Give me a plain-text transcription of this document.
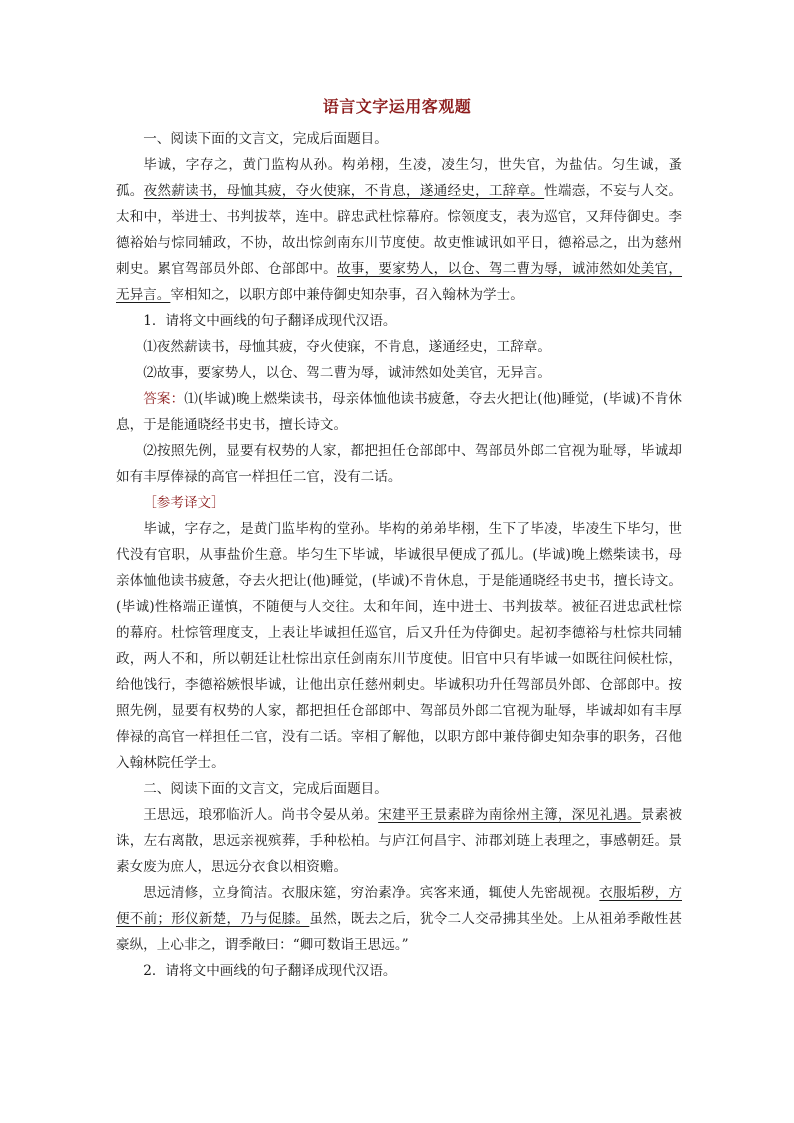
语言文字运用客观题

一、阅读下面的文言文，完成后面题目。

毕诚，字存之，黄门监构从孙。构弟栩，生凌，凌生匀，世失官，为盐估。匀生诚，蚤孤。夜然薪读书，母恤其疲，夺火使寐，不肯息，遂通经史，工辞章。性端悫，不妄与人交。太和中，举进士、书判拔萃，连中。辟忠武杜悰幕府。悰领度支，表为巡官，又拜侍御史。李德裕始与悰同辅政，不协，故出悰剑南东川节度使。故吏惟诚讯如平日，德裕忌之，出为慈州刺史。累官驾部员外郎、仓部郎中。故事，要家势人，以仓、驾二曹为辱，诚沛然如处美官，无异言。宰相知之，以职方郎中兼侍御史知杂事，召入翰林为学士。

1．请将文中画线的句子翻译成现代汉语。

⑴夜然薪读书，母恤其疲，夺火使寐，不肯息，遂通经史，工辞章。

⑵故事，要家势人，以仓、驾二曹为辱，诚沛然如处美官，无异言。

答案：⑴(毕诚)晚上燃柴读书，母亲体恤他读书疲惫，夺去火把让(他)睡觉，(毕诚)不肯休息，于是能通晓经书史书，擅长诗文。

⑵按照先例，显要有权势的人家，都把担任仓部郎中、驾部员外郎二官视为耻辱，毕诚却如有丰厚俸禄的高官一样担任二官，没有二话。

［参考译文］

毕诚，字存之，是黄门监毕构的堂孙。毕构的弟弟毕栩，生下了毕凌，毕凌生下毕匀，世代没有官职，从事盐价生意。毕匀生下毕诚，毕诚很早便成了孤儿。(毕诚)晚上燃柴读书，母亲体恤他读书疲惫，夺去火把让(他)睡觉，(毕诚)不肯休息，于是能通晓经书史书，擅长诗文。(毕诚)性格端正谨慎，不随便与人交往。太和年间，连中进士、书判拔萃。被征召进忠武杜悰的幕府。杜悰管理度支，上表让毕诚担任巡官，后又升任为侍御史。起初李德裕与杜悰共同辅政，两人不和，所以朝廷让杜悰出京任剑南东川节度使。旧官中只有毕诚一如既往问候杜悰，给他饯行，李德裕嫉恨毕诚，让他出京任慈州刺史。毕诚积功升任驾部员外郎、仓部郎中。按照先例，显要有权势的人家，都把担任仓部郎中、驾部员外郎二官视为耻辱，毕诚却如有丰厚俸禄的高官一样担任二官，没有二话。宰相了解他，以职方郎中兼侍御史知杂事的职务，召他入翰林院任学士。

二、阅读下面的文言文，完成后面题目。

王思远，琅邪临沂人。尚书令晏从弟。宋建平王景素辟为南徐州主簿，深见礼遇。景素被诛，左右离散，思远亲视殡葬，手种松柏。与庐江何昌宇、沛郡刘琏上表理之，事感朝廷。景素女废为庶人，思远分衣食以相资赡。

思远清修，立身简洁。衣服床筵，穷治素净。宾客来通，辄使人先密觇视。衣服垢秽，方便不前；形仪新楚，乃与促膝。虽然，既去之后，犹令二人交帚拂其坐处。上从祖弟季敞性甚豪纵，上心非之，谓季敞曰：“卿可数诣王思远。”

2．请将文中画线的句子翻译成现代汉语。
